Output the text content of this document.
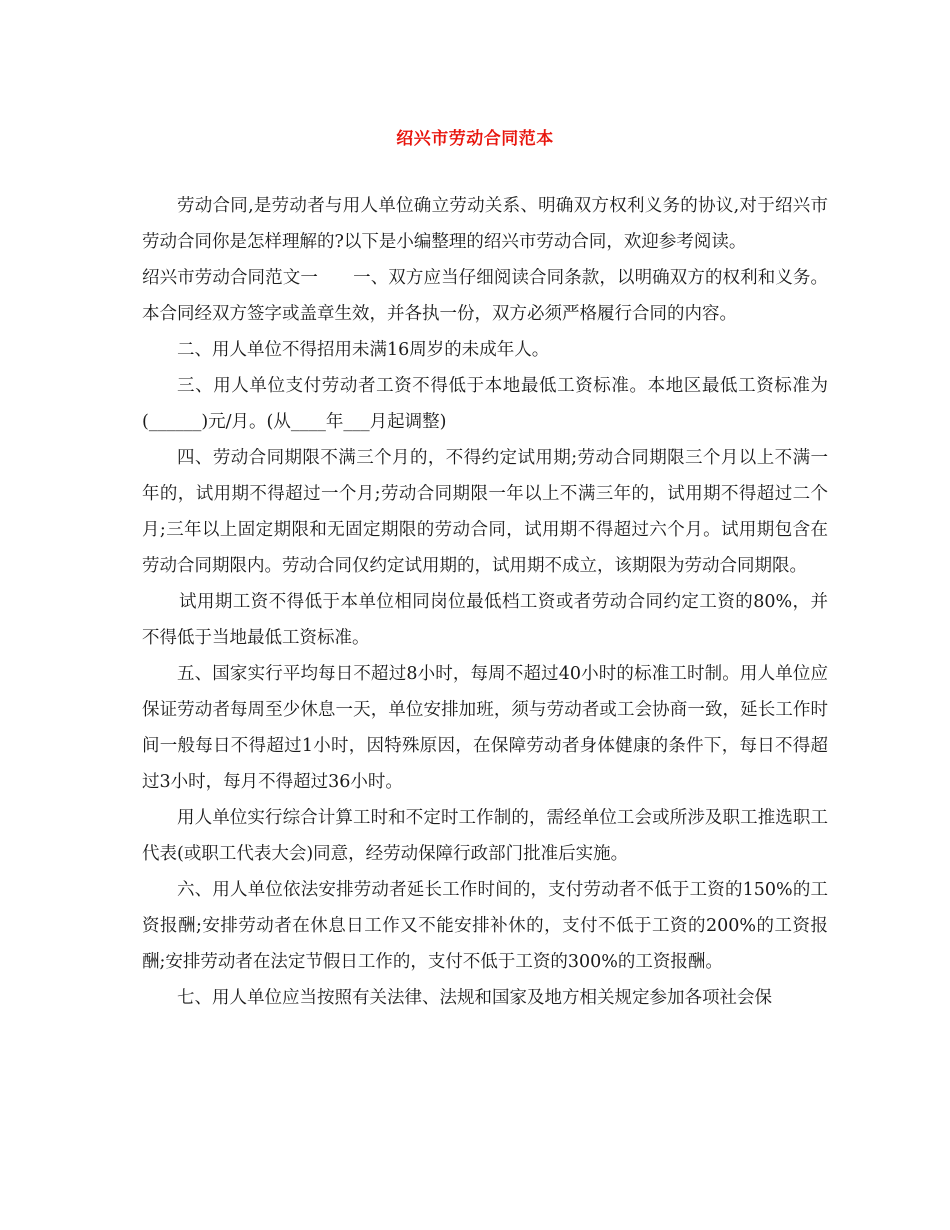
绍兴市劳动合同范本

劳动合同,是劳动者与用人单位确立劳动关系、明确双方权利义务的协议,对于绍兴市劳动合同你是怎样理解的?以下是小编整理的绍兴市劳动合同，欢迎参考阅读。

绍兴市劳动合同范文一　　一、双方应当仔细阅读合同条款，以明确双方的权利和义务。本合同经双方签字或盖章生效，并各执一份，双方必须严格履行合同的内容。

二、用人单位不得招用未满16周岁的未成年人。

三、用人单位支付劳动者工资不得低于本地最低工资标准。本地区最低工资标准为(______)元/月。(从____年___月起调整)

四、劳动合同期限不满三个月的，不得约定试用期;劳动合同期限三个月以上不满一年的，试用期不得超过一个月;劳动合同期限一年以上不满三年的，试用期不得超过二个月;三年以上固定期限和无固定期限的劳动合同，试用期不得超过六个月。试用期包含在劳动合同期限内。劳动合同仅约定试用期的，试用期不成立，该期限为劳动合同期限。

试用期工资不得低于本单位相同岗位最低档工资或者劳动合同约定工资的80%，并不得低于当地最低工资标准。

五、国家实行平均每日不超过8小时，每周不超过40小时的标准工时制。用人单位应保证劳动者每周至少休息一天，单位安排加班，须与劳动者或工会协商一致，延长工作时间一般每日不得超过1小时，因特殊原因，在保障劳动者身体健康的条件下，每日不得超过3小时，每月不得超过36小时。

用人单位实行综合计算工时和不定时工作制的，需经单位工会或所涉及职工推选职工代表(或职工代表大会)同意，经劳动保障行政部门批准后实施。

六、用人单位依法安排劳动者延长工作时间的，支付劳动者不低于工资的150%的工资报酬;安排劳动者在休息日工作又不能安排补休的，支付不低于工资的200%的工资报酬;安排劳动者在法定节假日工作的，支付不低于工资的300%的工资报酬。

七、用人单位应当按照有关法律、法规和国家及地方相关规定参加各项社会保
